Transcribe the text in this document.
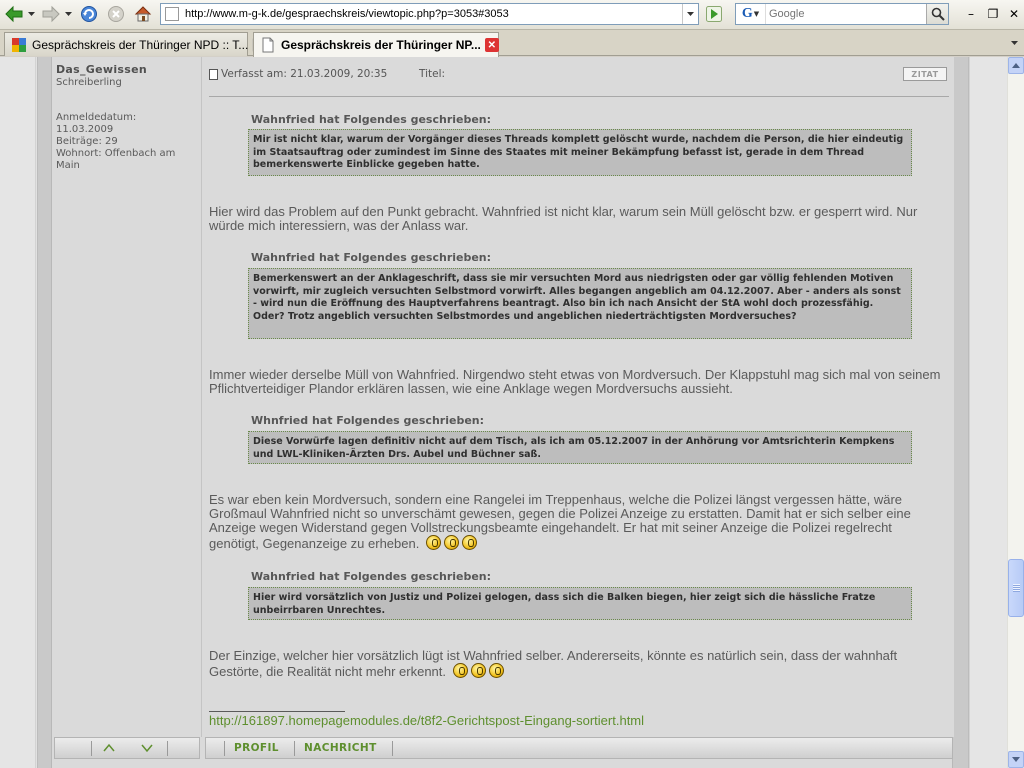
http://www.m-g-k.de/gespraechskreis/viewtopic.php?p=3053#3053	G ▼
Google	–	❐ ✕
Gesprächskreis der Thüringer NPD :: T...	Gesprächskreis der Thüringer NP... ✕
Das_Gewissen
Schreiberling
Anmeldedatum:
11.03.2009
Beiträge: 29
Wohnort: Offenbach am Main
Verfasst am: 21.03.2009, 20:35	Titel:	ZITAT
Wahnfried hat Folgendes geschrieben:
Mir ist nicht klar, warum der Vorgänger dieses Threads komplett gelöscht wurde, nachdem die Person, die hier eindeutig im Staatsauftrag oder zumindest im Sinne des Staates mit meiner Bekämpfung befasst ist, gerade in dem Thread bemerkenswerte Einblicke gegeben hatte.
Hier wird das Problem auf den Punkt gebracht. Wahnfried ist nicht klar, warum sein Müll gelöscht bzw. er gesperrt wird. Nur würde mich interessiern, was der Anlass war.
Wahnfried hat Folgendes geschrieben:
Bemerkenswert an der Anklageschrift, dass sie mir versuchten Mord aus niedrigsten oder gar völlig fehlenden Motiven vorwirft, mir zugleich versuchten Selbstmord vorwirft. Alles begangen angeblich am 04.12.2007. Aber - anders als sonst - wird nun die Eröffnung des Hauptverfahrens beantragt. Also bin ich nach Ansicht der StA wohl doch prozessfähig. Oder? Trotz angeblich versuchten Selbstmordes und angeblichen niederträchtigsten Mordversuches?
Immer wieder derselbe Müll von Wahnfried. Nirgendwo steht etwas von Mordversuch. Der Klappstuhl mag sich mal von seinem Pflichtverteidiger Plandor erklären lassen, wie eine Anklage wegen Mordversuchs aussieht.
Whnfried hat Folgendes geschrieben:
Diese Vorwürfe lagen definitiv nicht auf dem Tisch, als ich am 05.12.2007 in der Anhörung vor Amtsrichterin Kempkens und LWL-Kliniken-Ärzten Drs. Aubel und Büchner saß.
Es war eben kein Mordversuch, sondern eine Rangelei im Treppenhaus, welche die Polizei längst vergessen hätte, wäre Großmaul Wahnfried nicht so unverschämt gewesen, gegen die Polizei Anzeige zu erstatten. Damit hat er sich selber eine Anzeige wegen Widerstand gegen Vollstreckungsbeamte eingehandelt. Er hat mit seiner Anzeige die Polizei regelrecht genötigt, Gegenanzeige zu erheben.
Wahnfried hat Folgendes geschrieben:
Hier wird vorsätzlich von Justiz und Polizei gelogen, dass sich die Balken biegen, hier zeigt sich die hässliche Fratze unbeirrbaren Unrechtes.
Der Einzige, welcher hier vorsätzlich lügt ist Wahnfried selber. Andererseits, könnte es natürlich sein, dass der wahnhaft Gestörte, die Realität nicht mehr erkennt.
http://161897.homepagemodules.de/t8f2-Gerichtspost-Eingang-sortiert.html
PROFIL NACHRICHT
